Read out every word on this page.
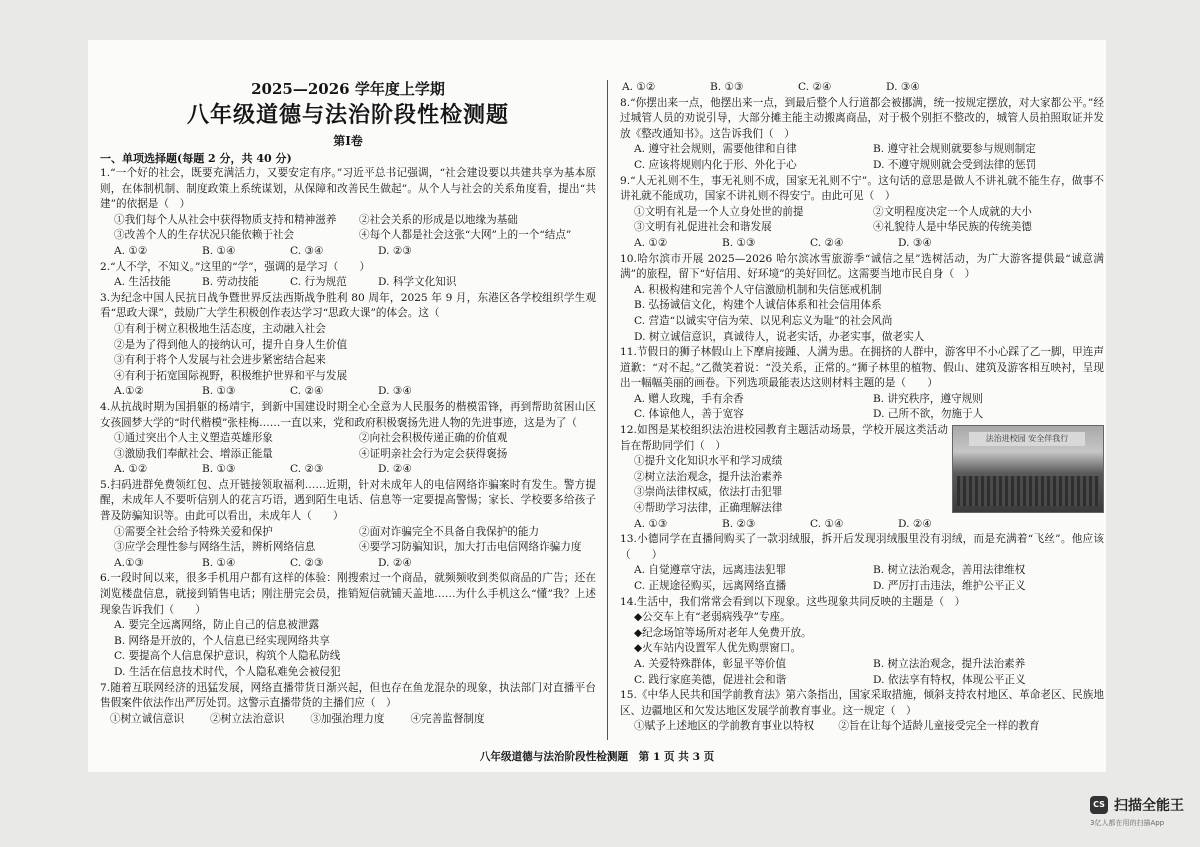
2025—2026 学年度上学期

八年级道德与法治阶段性检测题

第Ⅰ卷

一、单项选择题(每题 2 分，共 40 分)

1.“一个好的社会，既要充满活力，又要安定有序。”习近平总书记强调，“社会建设要以共建共享为基本原则，在体制机制、制度政策上系统谋划，从保障和改善民生做起”。从个人与社会的关系角度看，提出“共建”的依据是（　）

①我们每个人从社会中获得物质支持和精神滋养	②社会关系的形成是以地缘为基础
③改善个人的生存状况只能依赖于社会	④每个人都是社会这张“大网”上的一个“结点”
A. ①②	B. ①④	C. ③④	D. ②③

2.“人不学，不知义。”这里的“学”，强调的是学习（　　）

A. 生活技能	B. 劳动技能	C. 行为规范	D. 科学文化知识

3.为纪念中国人民抗日战争暨世界反法西斯战争胜利 80 周年，2025 年 9 月，东港区各学校组织学生观看“思政大课”，鼓励广大学生积极创作表达学习“思政大课”的体会。这（

①有利于树立积极地生活态度，主动融入社会
②是为了得到他人的接纳认可，提升自身人生价值
③有利于将个人发展与社会进步紧密结合起来
④有利于拓宽国际视野，积极维护世界和平与发展
A.①②	B. ①③	C. ②④	D. ③④

4.从抗战时期为国捐躯的杨靖宇，到新中国建设时期全心全意为人民服务的楷模雷锋，再到帮助贫困山区女孩圆梦大学的“时代楷模”张桂梅……一直以来，党和政府积极褒扬先进人物的先进事迹，这是为了（

①通过突出个人主义塑造英雄形象	②向社会积极传递正确的价值观
③激励我们奉献社会、增添正能量	④证明亲社会行为定会获得褒扬
A. ①②	B. ①③	C. ②③	D. ②④

5.扫码进群免费领红包、点开链接领取福利……近期，针对未成年人的电信网络诈骗案时有发生。警方提醒，未成年人不要听信别人的花言巧语，遇到陌生电话、信息等一定要提高警惕；家长、学校要多给孩子普及防骗知识等。由此可以看出，未成年人（　　）

①需要全社会给予特殊关爱和保护	②面对诈骗完全不具备自我保护的能力
③应学会理性参与网络生活，辨析网络信息	④要学习防骗知识，加大打击电信网络诈骗力度
A.①③	B. ①④	C. ②③	D. ②④

6.一段时间以来，很多手机用户都有这样的体验：刚搜索过一个商品，就频频收到类似商品的广告；还在浏览楼盘信息，就接到销售电话；刚注册完会员，推销短信就铺天盖地……为什么手机这么“懂”我？上述现象告诉我们（　　）

A. 要完全远离网络，防止自己的信息被泄露
B. 网络是开放的，个人信息已经实现网络共享
C. 要提高个人信息保护意识，构筑个人隐私防线
D. 生活在信息技术时代，个人隐私难免会被侵犯

7.随着互联网经济的迅猛发展，网络直播带货日渐兴起，但也存在鱼龙混杂的现象，执法部门对直播平台售假案件依法作出严厉处罚。这警示直播带货的主播们应（　）

①树立诚信意识 ②树立法治意识 ③加强治理力度 ④完善监督制度
A. ①②	B. ①③	C. ②④	D. ③④

8.“你摆出来一点，他摆出来一点，到最后整个人行道都会被挪满，统一按规定摆放，对大家都公平。”经过城管人员的劝说引导，大部分摊主能主动搬离商品，对于极个别拒不整改的，城管人员拍照取证并发放《整改通知书》。这告诉我们（　）

A. 遵守社会规则，需要他律和自律	B. 遵守社会规则就要参与规则制定
C. 应该将规则内化于形、外化于心	D. 不遵守规则就会受到法律的惩罚

9.“人无礼则不生，事无礼则不成，国家无礼则不宁”。这句话的意思是做人不讲礼就不能生存，做事不讲礼就不能成功，国家不讲礼则不得安宁。由此可见（　）

①文明有礼是一个人立身处世的前提	②文明程度决定一个人成就的大小
③文明有礼促进社会和谐发展	④礼貌待人是中华民族的传统美德
A. ①②	B. ①③	C. ②④	D. ③④

10.哈尔滨市开展 2025—2026 哈尔滨冰雪旅游季“诚信之星”选树活动，为广大游客提供最“诚意满满”的旅程，留下“好信用、好环境”的美好回忆。这需要当地市民自身（　）

A. 积极构建和完善个人守信激励机制和失信惩戒机制
B. 弘扬诚信文化，构建个人诚信体系和社会信用体系
C. 营造“以诚实守信为荣、以见利忘义为耻”的社会风尚
D. 树立诚信意识，真诚待人，说老实话，办老实事，做老实人

11.节假日的狮子林假山上下摩肩接踵、人满为患。在拥挤的人群中，游客甲不小心踩了乙一脚，甲连声道歉：“对不起。”乙微笑着说：“没关系，正常的。”狮子林里的植物、假山、建筑及游客相互映衬，呈现出一幅幅美丽的画卷。下列选项最能表达这则材料主题的是（　　）

A. 赠人玫瑰，手有余香	B. 讲究秩序，遵守规则
C. 体谅他人，善于宽容	D. 己所不欲，勿施于人
法治进校园 安全伴我行

12.如图是某校组织法治进校园教育主题活动场景，学校开展这类活动旨在帮助同学们（　）

①提升文化知识水平和学习成绩
②树立法治观念，提升法治素养
③崇尚法律权威，依法打击犯罪
④帮助学习法律，正确理解法律
A. ①③	B. ②③	C. ①④	D. ②④

13.小德同学在直播间购买了一款羽绒服，拆开后发现羽绒服里没有羽绒，而是充满着“飞丝”。他应该（　　）

A. 自觉遵章守法，远离违法犯罪	B. 树立法治观念，善用法律维权
C. 正规途径购买，远离网络直播	D. 严厉打击违法，维护公平正义

14.生活中，我们常常会看到以下现象。这些现象共同反映的主题是（　）

◆公交车上有“老弱病残孕”专座。
◆纪念场馆等场所对老年人免费开放。
◆火车站内设置军人优先购票窗口。
A. 关爱特殊群体，彰显平等价值	B. 树立法治观念，提升法治素养
C. 践行家庭美德，促进社会和谐	D. 依法享有特权，体现公平正义

15.《中华人民共和国学前教育法》第六条指出，国家采取措施，倾斜支持农村地区、革命老区、民族地区、边疆地区和欠发达地区发展学前教育事业。这一规定（　）

①赋予上述地区的学前教育事业以特权	②旨在让每个适龄儿童接受完全一样的教育
八年级道德与法治阶段性检测题　第 1 页 共 3 页
CS 扫描全能王
3亿人都在用的扫描App
